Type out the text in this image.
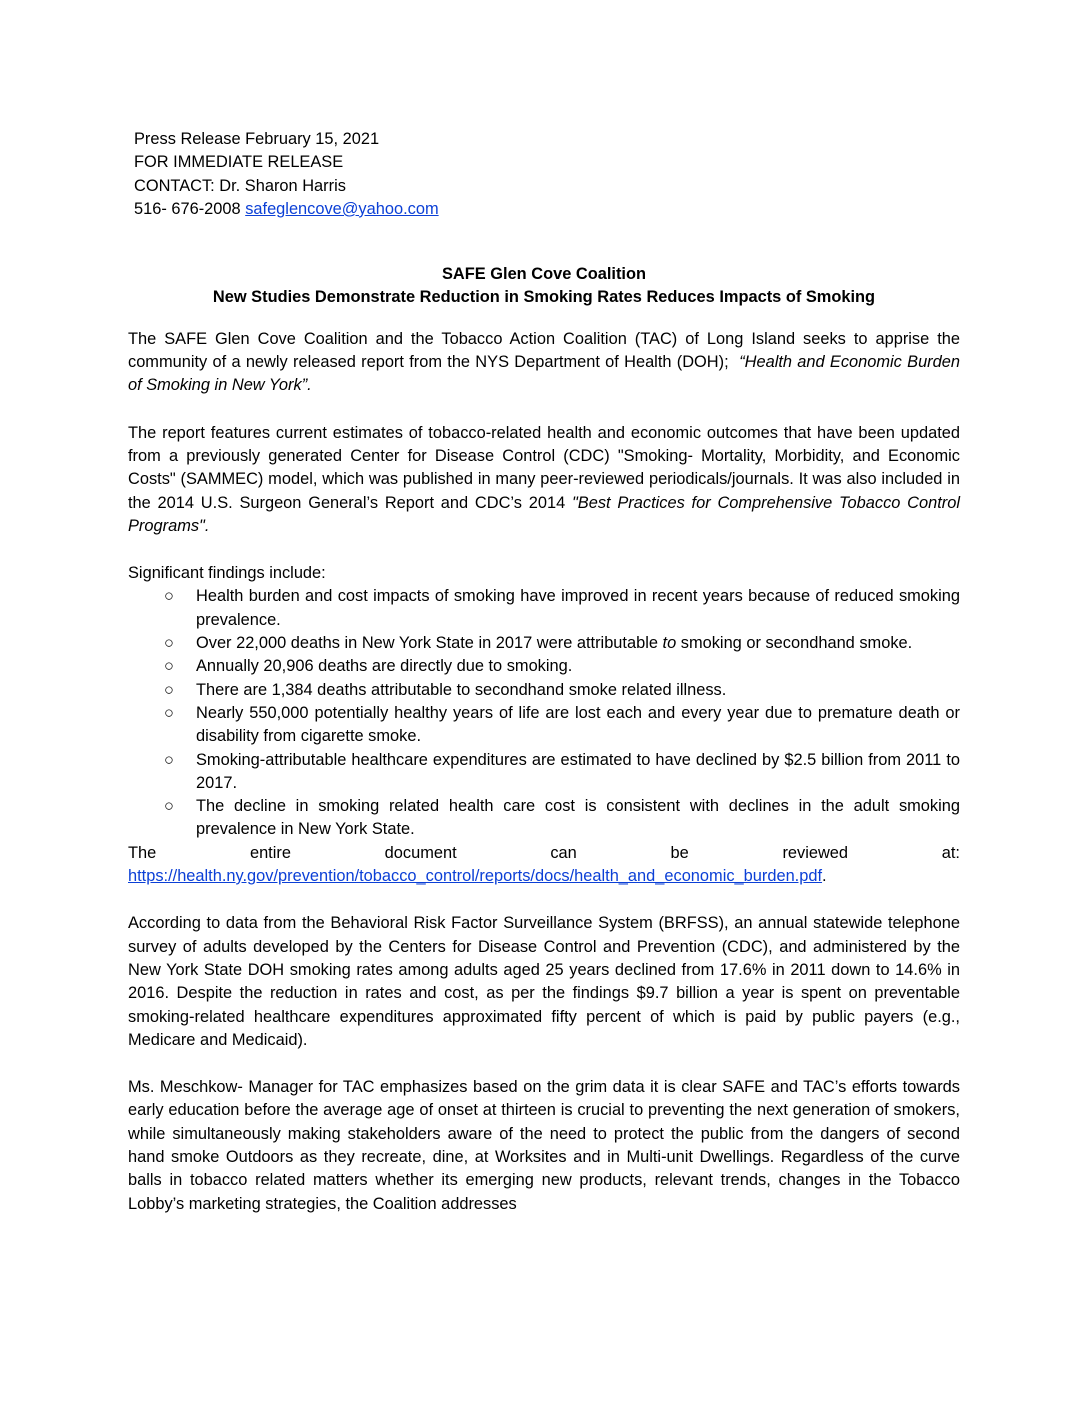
Press Release February 15, 2021
FOR IMMEDIATE RELEASE
CONTACT: Dr. Sharon Harris
516- 676-2008 safeglencove@yahoo.com
SAFE Glen Cove Coalition
New Studies Demonstrate Reduction in Smoking Rates Reduces Impacts of Smoking

The SAFE Glen Cove Coalition and the Tobacco Action Coalition (TAC) of Long Island seeks to apprise the community of a newly released report from the NYS Department of Health (DOH); “Health and Economic Burden of Smoking in New York”.

The report features current estimates of tobacco-related health and economic outcomes that have been updated from a previously generated Center for Disease Control (CDC) "Smoking- Mortality, Morbidity, and Economic Costs" (SAMMEC) model, which was published in many peer-reviewed periodicals/journals. It was also included in the 2014 U.S. Surgeon General’s Report and CDC’s 2014 "Best Practices for Comprehensive Tobacco Control Programs".

Significant findings include:
○ Health burden and cost impacts of smoking have improved in recent years because of reduced smoking prevalence.
○ Over 22,000 deaths in New York State in 2017 were attributable to smoking or secondhand smoke.
○ Annually 20,906 deaths are directly due to smoking.
○ There are 1,384 deaths attributable to secondhand smoke related illness.
○ Nearly 550,000 potentially healthy years of life are lost each and every year due to premature death or disability from cigarette smoke.
○ Smoking-attributable healthcare expenditures are estimated to have declined by $2.5 billion from 2011 to 2017.
○ The decline in smoking related health care cost is consistent with declines in the adult smoking prevalence in New York State.
The	entire	document	can	be	reviewed	at:
https://health.ny.gov/prevention/tobacco_control/reports/docs/health_and_economic_burden.pdf.

According to data from the Behavioral Risk Factor Surveillance System (BRFSS), an annual statewide telephone survey of adults developed by the Centers for Disease Control and Prevention (CDC), and administered by the New York State DOH smoking rates among adults aged 25 years declined from 17.6% in 2011 down to 14.6% in 2016. Despite the reduction in rates and cost, as per the findings $9.7 billion a year is spent on preventable smoking-related healthcare expenditures approximated fifty percent of which is paid by public payers (e.g., Medicare and Medicaid).

Ms. Meschkow- Manager for TAC emphasizes based on the grim data it is clear SAFE and TAC’s efforts towards early education before the average age of onset at thirteen is crucial to preventing the next generation of smokers, while simultaneously making stakeholders aware of the need to protect the public from the dangers of second hand smoke Outdoors as they recreate, dine, at Worksites and in Multi-unit Dwellings. Regardless of the curve balls in tobacco related matters whether its emerging new products, relevant trends, changes in the Tobacco Lobby’s marketing strategies, the Coalition addresses
